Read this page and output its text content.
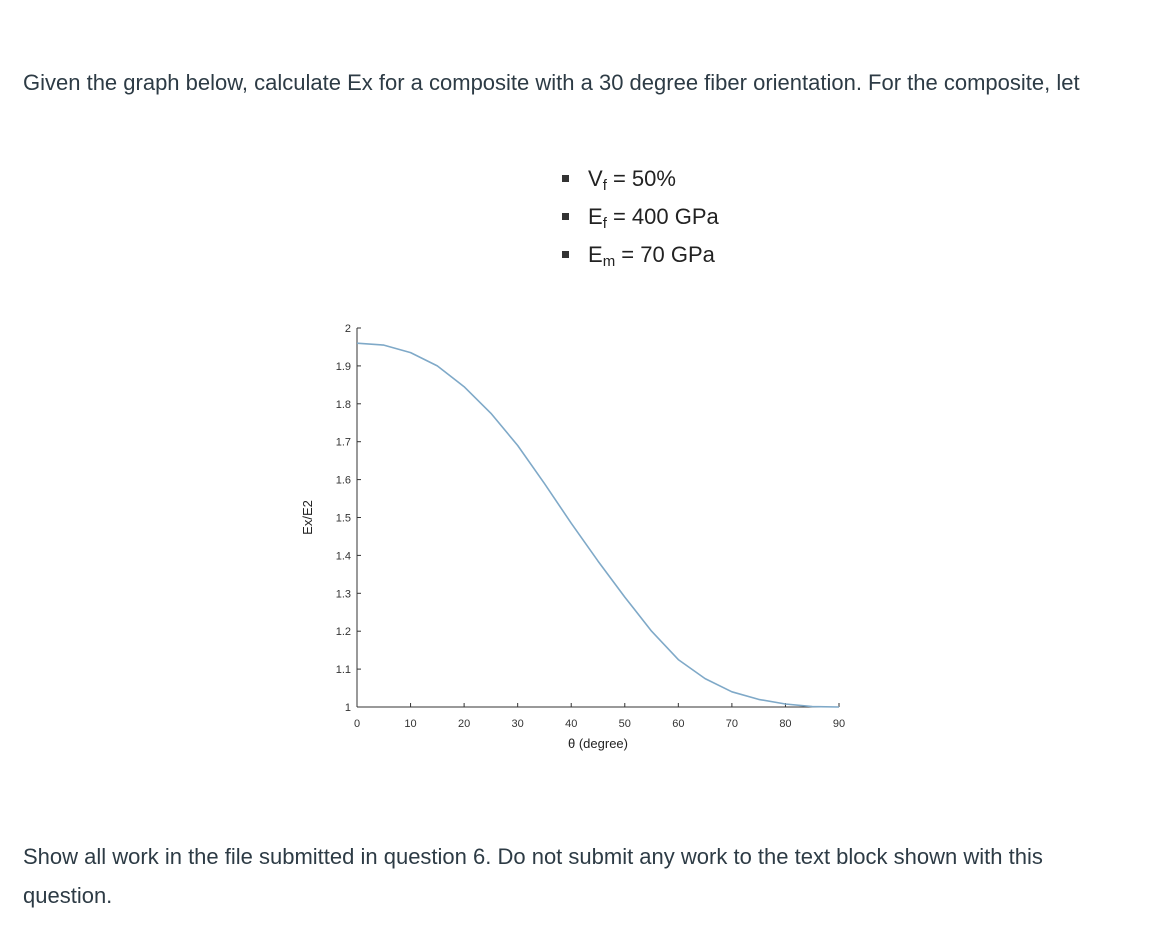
Given the graph below, calculate Ex for a composite with a 30 degree fiber orientation. For the composite, let

$V_f = 50\%$
$E_f = 400$ GPa
$E_m = 70$ GPa
1
1.1
1.2
1.3
1.4
1.5
1.6
1.7
1.8
1.9
2
0	10	20	30	40	50	60	70	80	90
θ (degree)
Ex/E2

Show all work in the file submitted in question 6. Do not submit any work to the text block shown with this question.
